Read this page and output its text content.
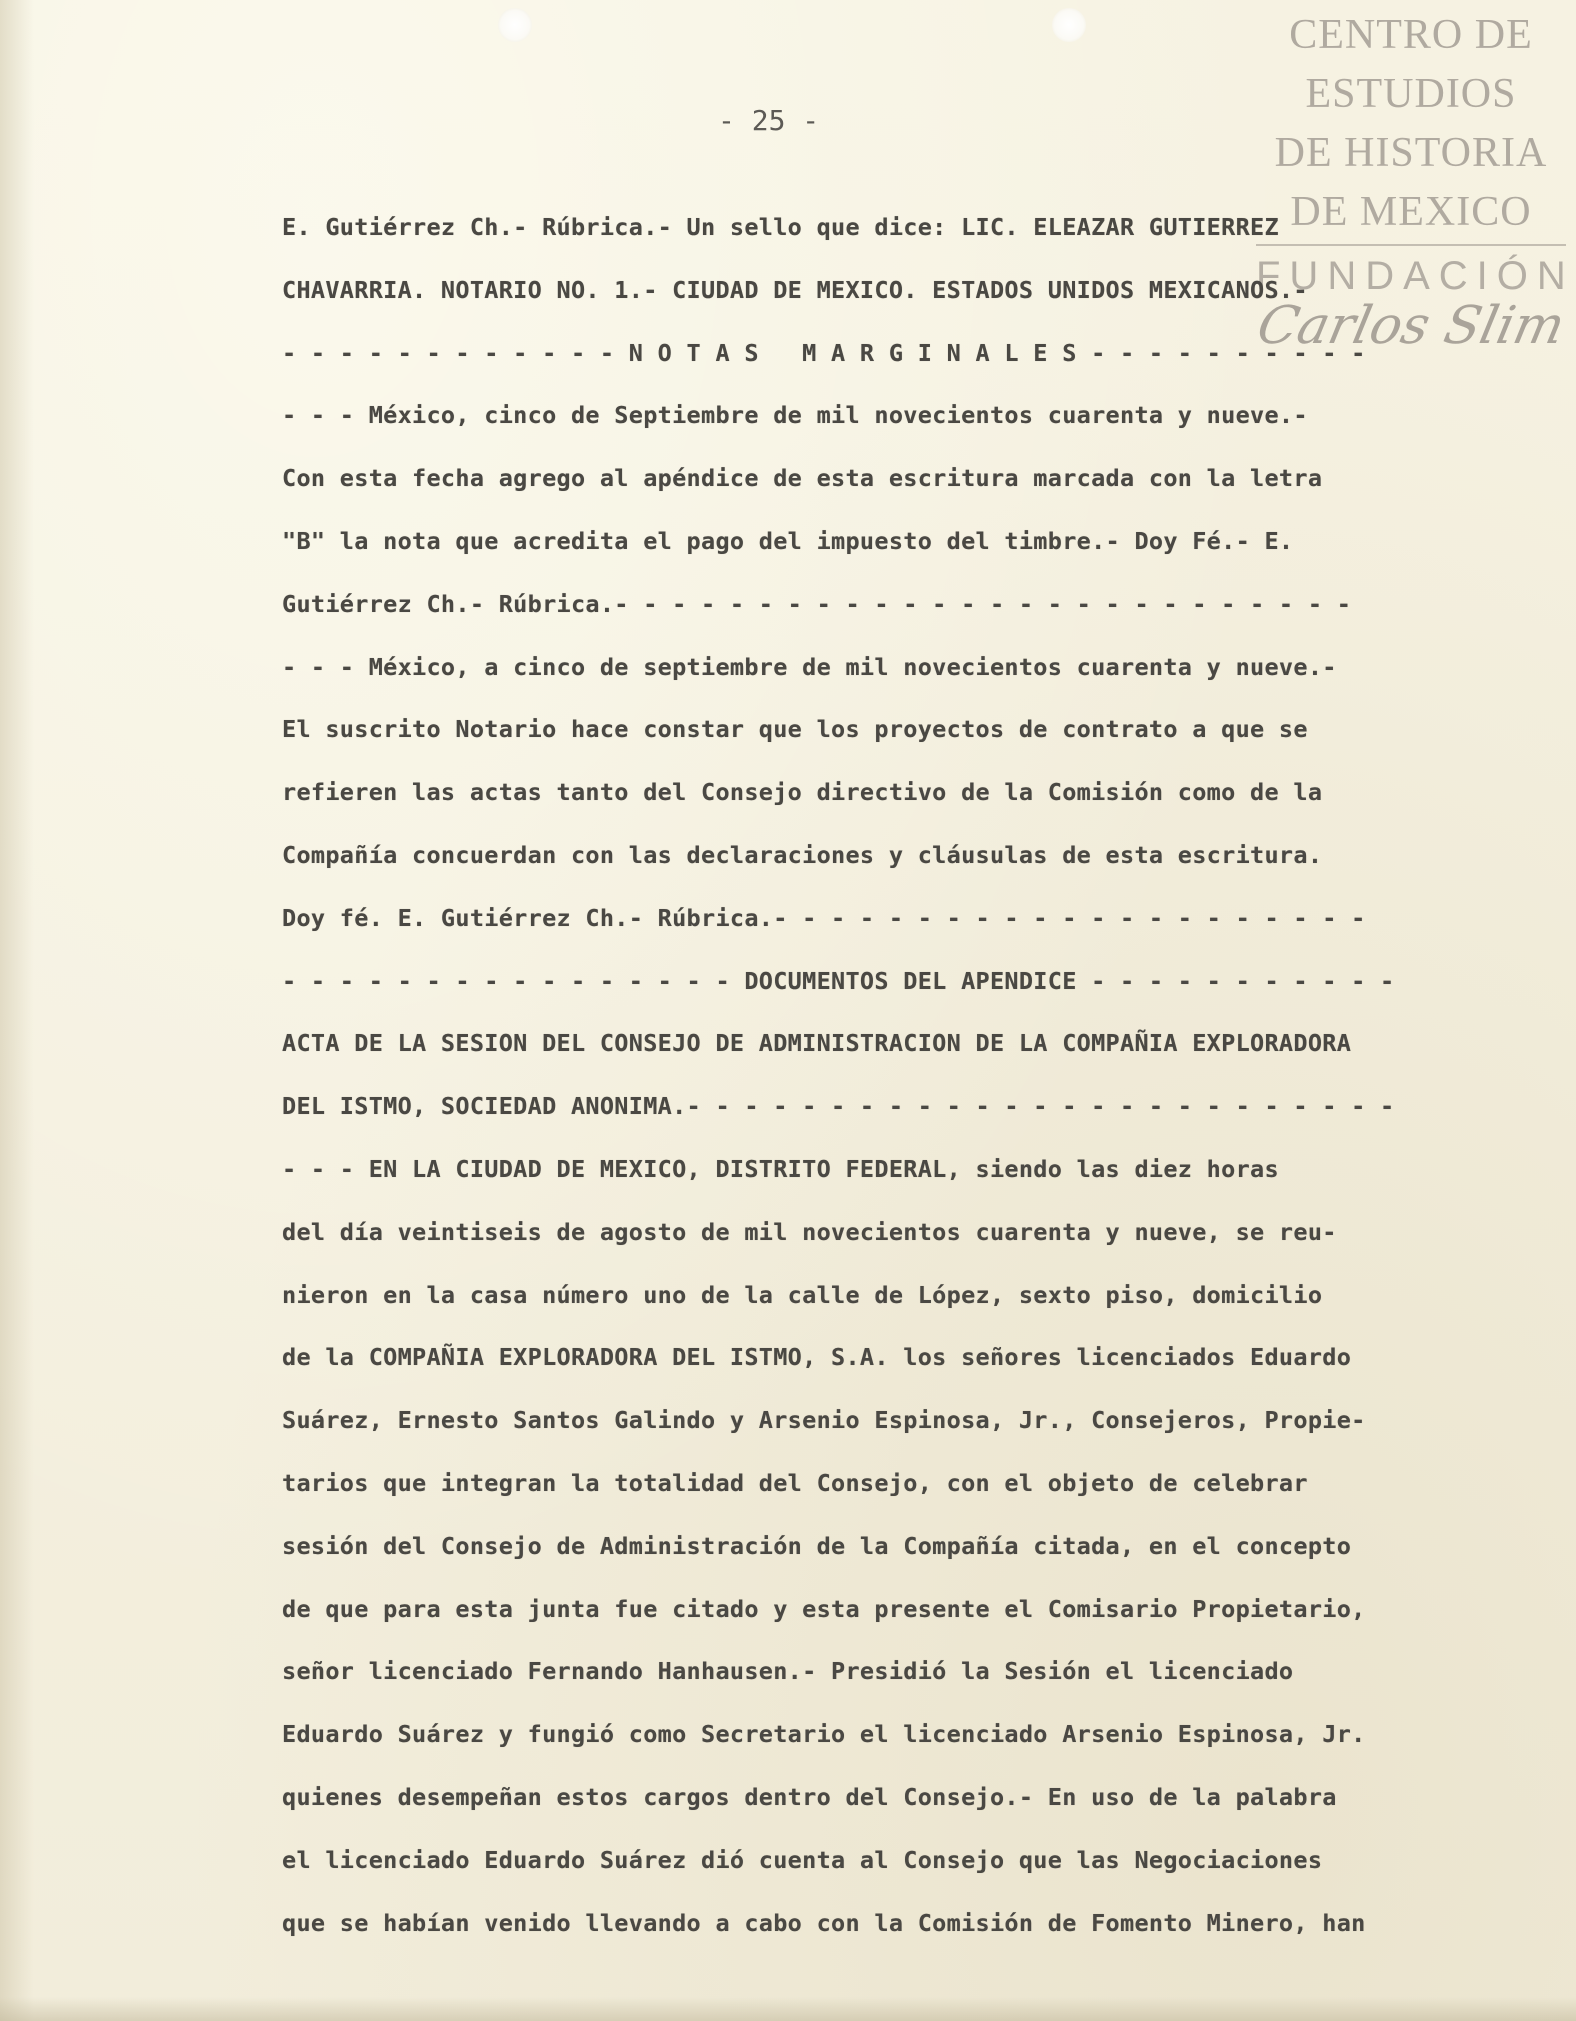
CENTRO DE
ESTUDIOS
DE HISTORIA
DE MEXICO
FUNDACIÓN
Carlos Slim
- 25 -
E. Gutiérrez Ch.- Rúbrica.- Un sello que dice: LIC. ELEAZAR GUTIERREZ
CHAVARRIA. NOTARIO NO. 1.- CIUDAD DE MEXICO. ESTADOS UNIDOS MEXICANOS.-
- - - - - - - - - - - - N O T A S   M A R G I N A L E S - - - - - - - - - -
- - - México, cinco de Septiembre de mil novecientos cuarenta y nueve.-
Con esta fecha agrego al apéndice de esta escritura marcada con la letra
"B" la nota que acredita el pago del impuesto del timbre.- Doy Fé.- E.
Gutiérrez Ch.- Rúbrica.- - - - - - - - - - - - - - - - - - - - - - - - - -
- - - México, a cinco de septiembre de mil novecientos cuarenta y nueve.-
El suscrito Notario hace constar que los proyectos de contrato a que se
refieren las actas tanto del Consejo directivo de la Comisión como de la
Compañía concuerdan con las declaraciones y cláusulas de esta escritura.
Doy fé. E. Gutiérrez Ch.- Rúbrica.- - - - - - - - - - - - - - - - - - - - -
- - - - - - - - - - - - - - - - DOCUMENTOS DEL APENDICE - - - - - - - - - - -
ACTA DE LA SESION DEL CONSEJO DE ADMINISTRACION DE LA COMPAÑIA EXPLORADORA
DEL ISTMO, SOCIEDAD ANONIMA.- - - - - - - - - - - - - - - - - - - - - - - - -
- - - EN LA CIUDAD DE MEXICO, DISTRITO FEDERAL, siendo las diez horas
del día veintiseis de agosto de mil novecientos cuarenta y nueve, se reu-
nieron en la casa número uno de la calle de López, sexto piso, domicilio
de la COMPAÑIA EXPLORADORA DEL ISTMO, S.A. los señores licenciados Eduardo
Suárez, Ernesto Santos Galindo y Arsenio Espinosa, Jr., Consejeros, Propie-
tarios que integran la totalidad del Consejo, con el objeto de celebrar
sesión del Consejo de Administración de la Compañía citada, en el concepto
de que para esta junta fue citado y esta presente el Comisario Propietario,
señor licenciado Fernando Hanhausen.- Presidió la Sesión el licenciado
Eduardo Suárez y fungió como Secretario el licenciado Arsenio Espinosa, Jr.
quienes desempeñan estos cargos dentro del Consejo.- En uso de la palabra
el licenciado Eduardo Suárez dió cuenta al Consejo que las Negociaciones
que se habían venido llevando a cabo con la Comisión de Fomento Minero, han
